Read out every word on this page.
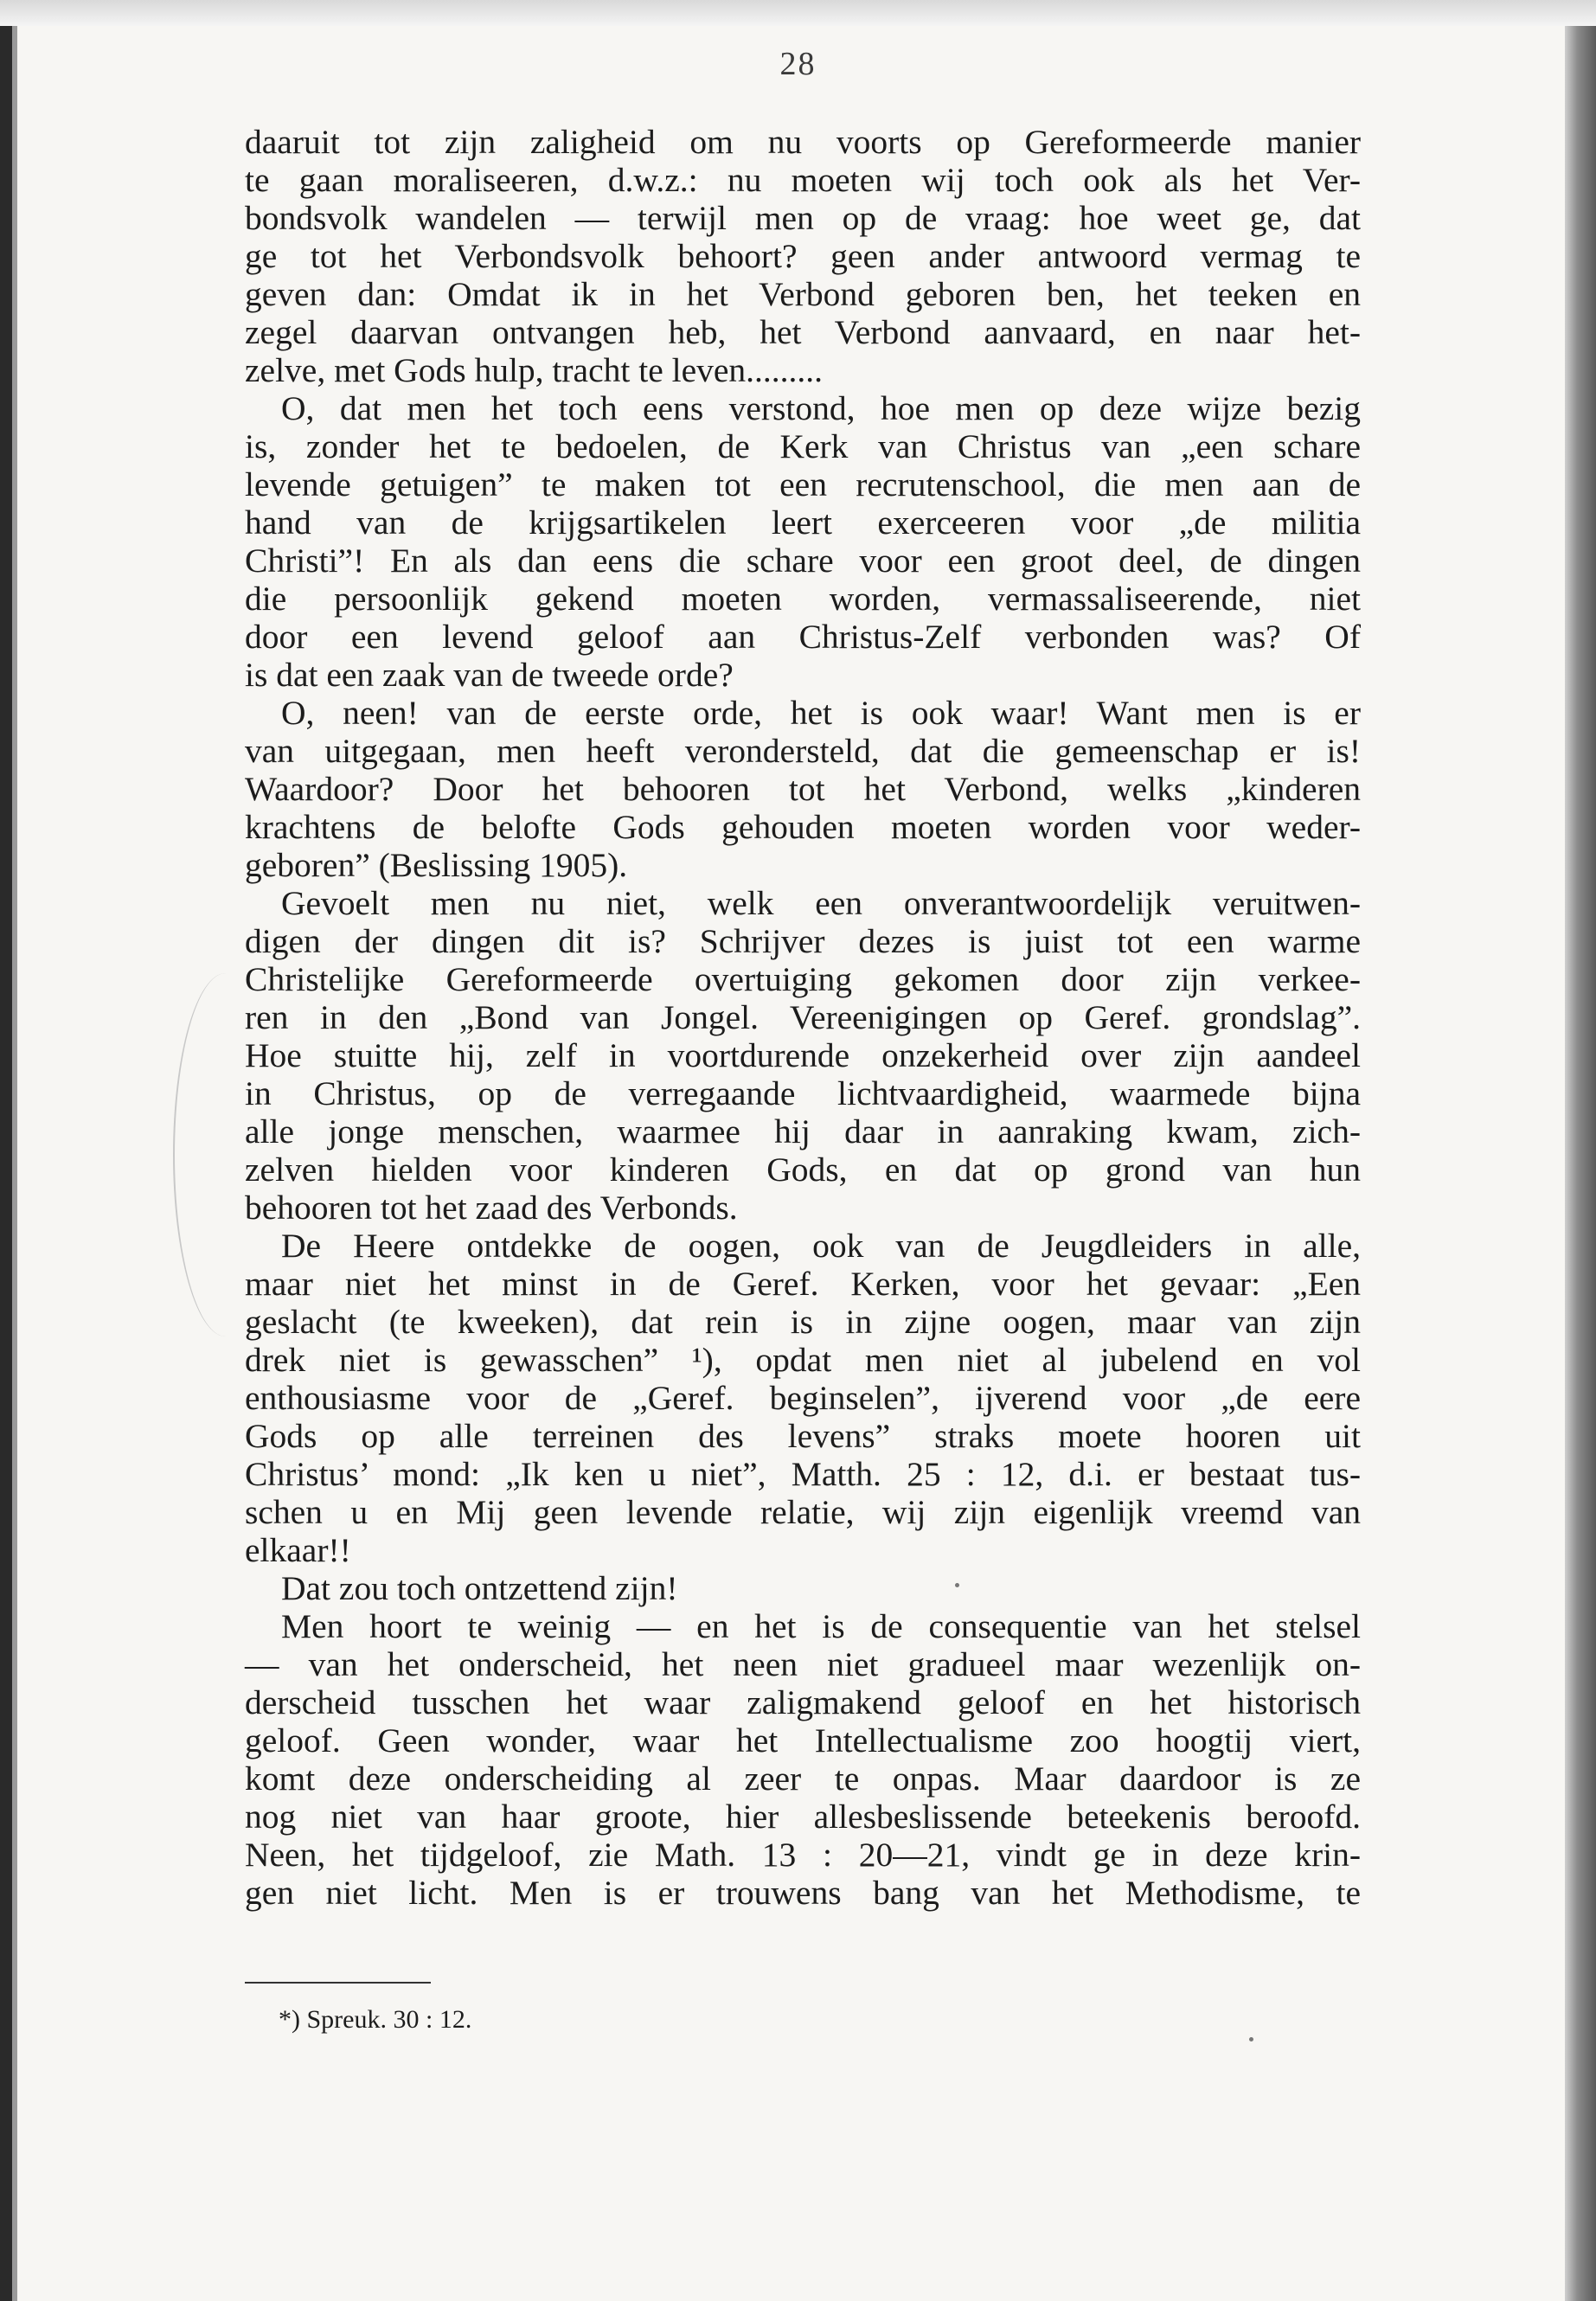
28
daaruit tot zijn zaligheid om nu voorts op Gereformeerde manier
te gaan moraliseeren, d.w.z.: nu moeten wij toch ook als het Ver-
bondsvolk wandelen — terwijl men op de vraag: hoe weet ge, dat
ge tot het Verbondsvolk behoort? geen ander antwoord vermag te
geven dan: Omdat ik in het Verbond geboren ben, het teeken en
zegel daarvan ontvangen heb, het Verbond aanvaard, en naar het-
zelve, met Gods hulp, tracht te leven.........
O, dat men het toch eens verstond, hoe men op deze wijze bezig
is, zonder het te bedoelen, de Kerk van Christus van „een schare
levende getuigen” te maken tot een recrutenschool, die men aan de
hand van de krijgsartikelen leert exerceeren voor „de militia
Christi”! En als dan eens die schare voor een groot deel, de dingen
die persoonlijk gekend moeten worden, vermassaliseerende, niet
door een levend geloof aan Christus-Zelf verbonden was? Of
is dat een zaak van de tweede orde?
O, neen! van de eerste orde, het is ook waar! Want men is er
van uitgegaan, men heeft verondersteld, dat die gemeenschap er is!
Waardoor? Door het behooren tot het Verbond, welks „kinderen
krachtens de belofte Gods gehouden moeten worden voor weder-
geboren” (Beslissing 1905).
Gevoelt men nu niet, welk een onverantwoordelijk veruitwen-
digen der dingen dit is? Schrijver dezes is juist tot een warme
Christelijke Gereformeerde overtuiging gekomen door zijn verkee-
ren in den „Bond van Jongel. Vereenigingen op Geref. grondslag”.
Hoe stuitte hij, zelf in voortdurende onzekerheid over zijn aandeel
in Christus, op de verregaande lichtvaardigheid, waarmede bijna
alle jonge menschen, waarmee hij daar in aanraking kwam, zich-
zelven hielden voor kinderen Gods, en dat op grond van hun
behooren tot het zaad des Verbonds.
De Heere ontdekke de oogen, ook van de Jeugdleiders in alle,
maar niet het minst in de Geref. Kerken, voor het gevaar: „Een
geslacht (te kweeken), dat rein is in zijne oogen, maar van zijn
drek niet is gewasschen” ¹), opdat men niet al jubelend en vol
enthousiasme voor de „Geref. beginselen”, ijverend voor „de eere
Gods op alle terreinen des levens” straks moete hooren uit
Christus’ mond: „Ik ken u niet”, Matth. 25 : 12, d.i. er bestaat tus-
schen u en Mij geen levende relatie, wij zijn eigenlijk vreemd van
elkaar!!
Dat zou toch ontzettend zijn!
Men hoort te weinig — en het is de consequentie van het stelsel
— van het onderscheid, het neen niet gradueel maar wezenlijk on-
derscheid tusschen het waar zaligmakend geloof en het historisch
geloof. Geen wonder, waar het Intellectualisme zoo hoogtij viert,
komt deze onderscheiding al zeer te onpas. Maar daardoor is ze
nog niet van haar groote, hier allesbeslissende beteekenis beroofd.
Neen, het tijdgeloof, zie Math. 13 : 20—21, vindt ge in deze krin-
gen niet licht. Men is er trouwens bang van het Methodisme, te
*) Spreuk. 30 : 12.
